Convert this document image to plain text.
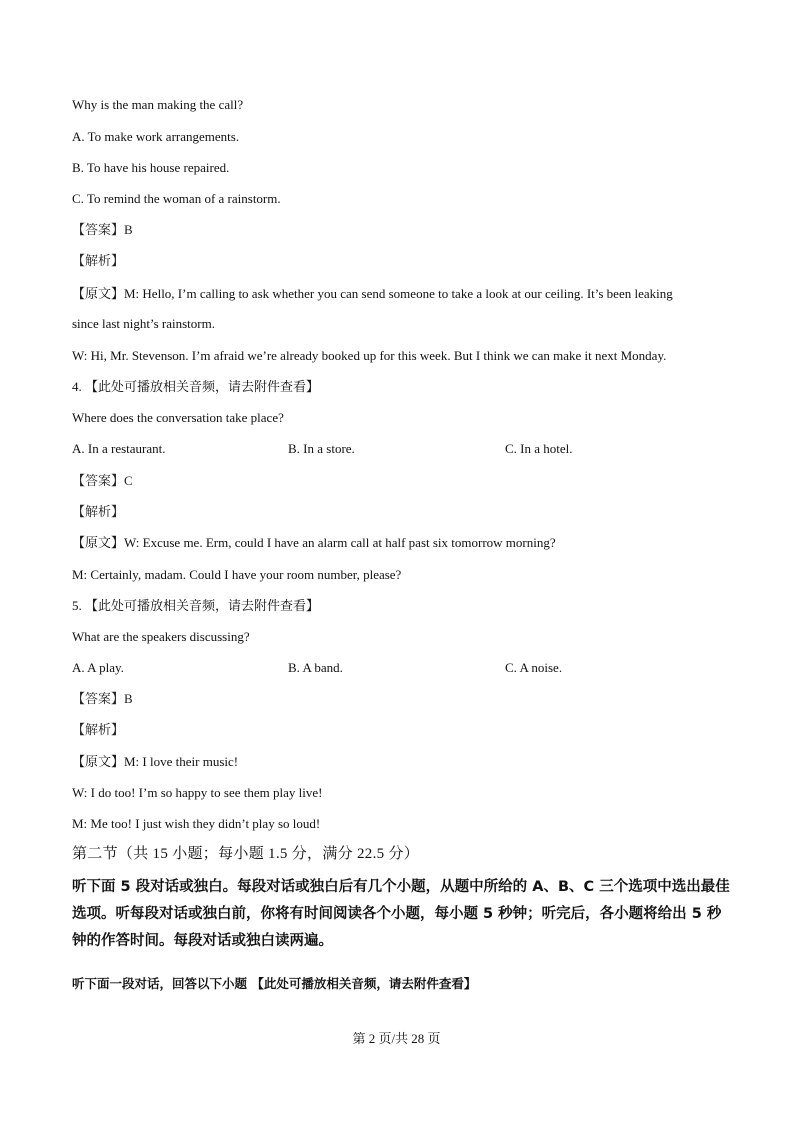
Why is the man making the call?
A. To make work arrangements.
B. To have his house repaired.
C. To remind the woman of a rainstorm.
【答案】B
【解析】
【原文】M: Hello, I’m calling to ask whether you can send someone to take a look at our ceiling. It’s been leaking
since last night’s rainstorm.
W: Hi, Mr. Stevenson. I’m afraid we’re already booked up for this week. But I think we can make it next Monday.
4. 【此处可播放相关音频，请去附件查看】
Where does the conversation take place?
A. In a restaurant.	B. In a store.	C. In a hotel.
【答案】C
【解析】
【原文】W: Excuse me. Erm, could I have an alarm call at half past six tomorrow morning?
M: Certainly, madam. Could I have your room number, please?
5. 【此处可播放相关音频，请去附件查看】
What are the speakers discussing?
A. A play.	B. A band.	C. A noise.
【答案】B
【解析】
【原文】M: I love their music!
W: I do too! I’m so happy to see them play live!
M: Me too! I just wish they didn’t play so loud!
第二节（共 15 小题；每小题 1.5 分，满分 22.5 分）
听下面 5 段对话或独白。每段对话或独白后有几个小题，从题中所给的 A、B、C 三个选项中选出最佳选项。听每段对话或独白前，你将有时间阅读各个小题，每小题 5 秒钟；听完后，各小题将给出 5 秒钟的作答时间。每段对话或独白读两遍。
听下面一段对话，回答以下小题 【此处可播放相关音频，请去附件查看】
第 2 页/共 28 页
